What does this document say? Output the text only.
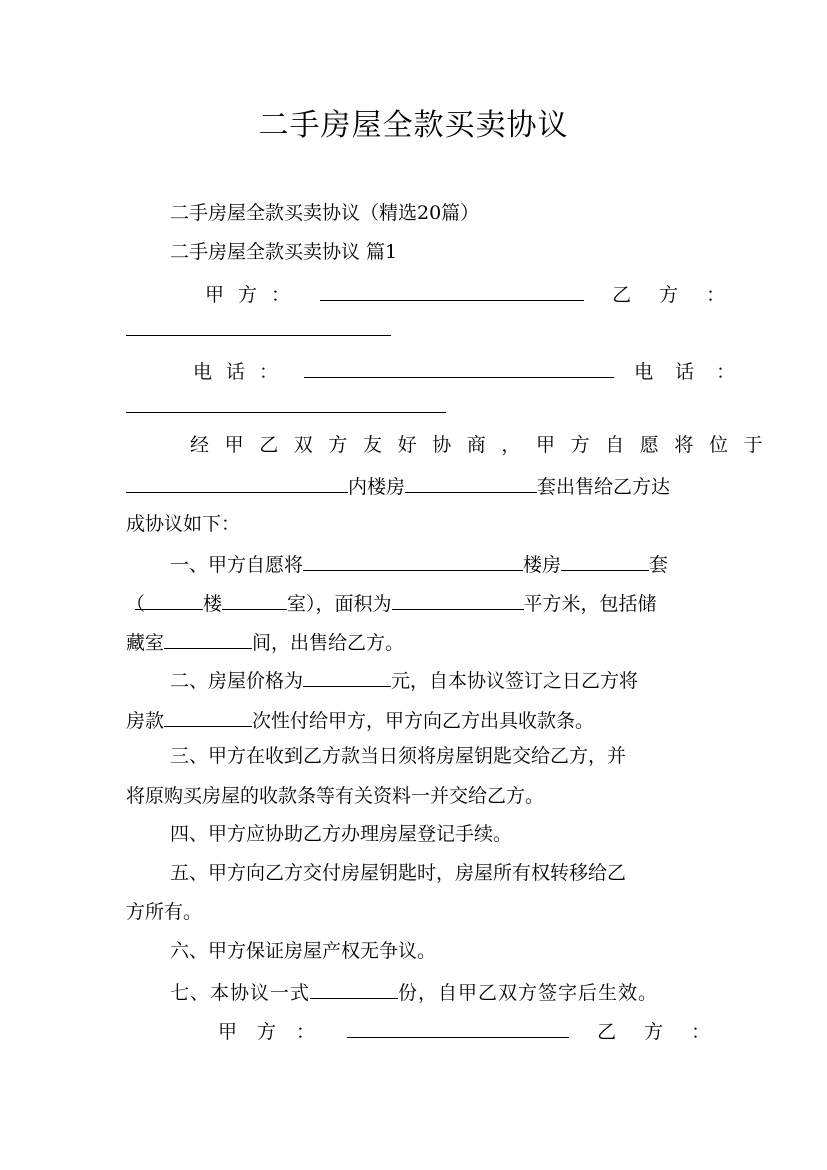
二手房屋全款买卖协议
二手房屋全款买卖协议（精选20篇）
二手房屋全款买卖协议 篇1
甲方：	乙方：
电话：	电话：
经甲乙双方友好协商，甲方自愿将位于
内楼房	套出售给乙方达
成协议如下：
一、甲方自愿将	楼房	套
（	楼	室），面积为	平方米，包括储
藏室	间，出售给乙方。
二、房屋价格为	元，自本协议签订之日乙方将
房款	次性付给甲方，甲方向乙方出具收款条。
三、甲方在收到乙方款当日须将房屋钥匙交给乙方，并
将原购买房屋的收款条等有关资料一并交给乙方。
四、甲方应协助乙方办理房屋登记手续。
五、甲方向乙方交付房屋钥匙时，房屋所有权转移给乙
方所有。
六、甲方保证房屋产权无争议。
七、本协议一式	份，自甲乙双方签字后生效。
甲方：	乙方：
